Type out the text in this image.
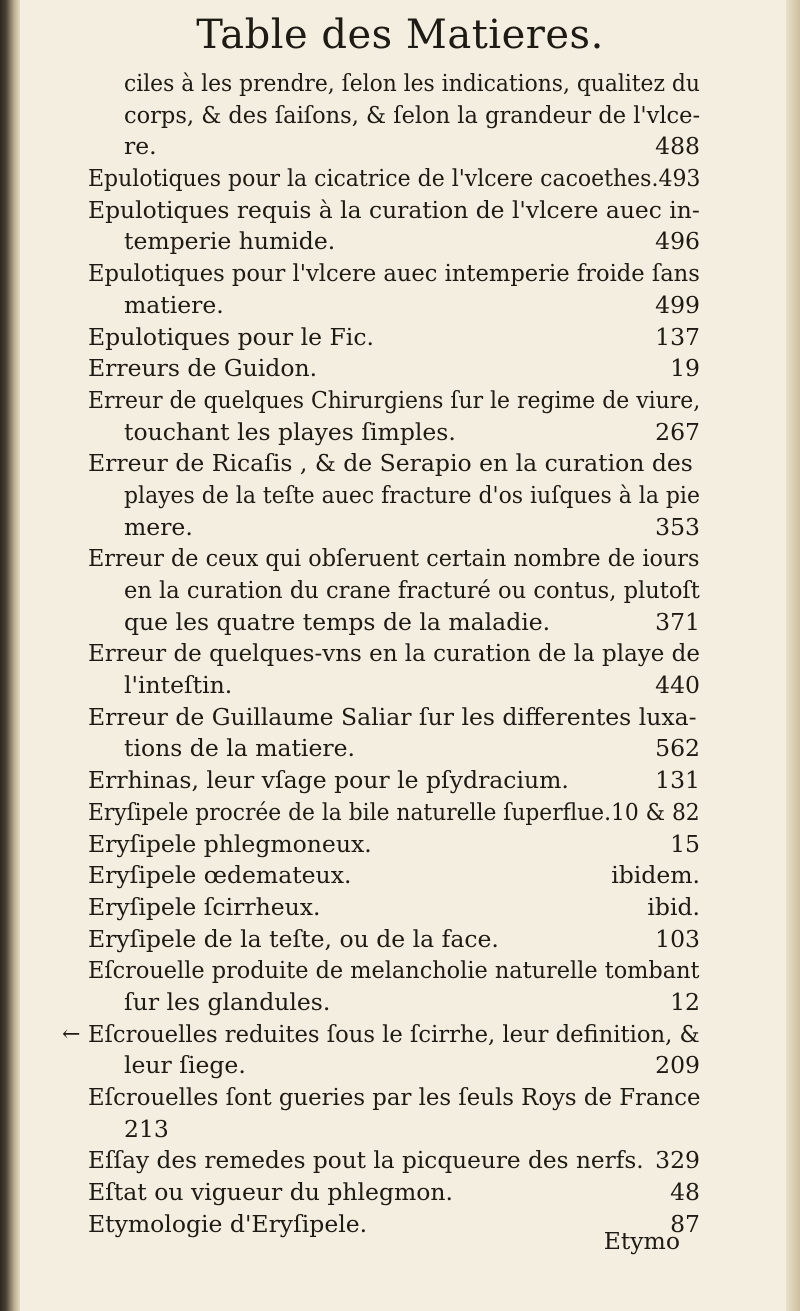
Table des Matieres.
ciles à les prendre, ſelon les indications, qualitez du
corps, & des ſaiſons, & ſelon la grandeur de l'vlce-
re.	488
Epulotiques pour la cicatrice de l'vlcere cacoethes.493
Epulotiques requis à la curation de l'vlcere auec in-
temperie humide.	496
Epulotiques pour l'vlcere auec intemperie froide ſans
matiere.	499
Epulotiques pour le Fic.	137
Erreurs de Guidon.	19
Erreur de quelques Chirurgiens ſur le regime de viure,
touchant les playes ſimples.	267
Erreur de Ricaſis , & de Serapio en la curation des
playes de la teſte auec fracture d'os iuſques à la pie
mere.	353
Erreur de ceux qui obſeruent certain nombre de iours
en la curation du crane fracturé ou contus, plutoſt
que les quatre temps de la maladie.	371
Erreur de quelques-vns en la curation de la playe de
l'inteſtin.	440
Erreur de Guillaume Saliar ſur les differentes luxa-
tions de la matiere.	562
Errhinas, leur vſage pour le pſydracium.	131
Eryſipele procrée de la bile naturelle ſuperflue.10 & 82
Eryſipele phlegmoneux.	15
Eryſipele œdemateux.	ibidem.
Eryſipele ſcirrheux.	ibid.
Eryſipele de la teſte, ou de la face.	103
Eſcrouelle produite de melancholie naturelle tombant
ſur les glandules.	12
← Eſcrouelles reduites ſous le ſcirrhe, leur definition, &
leur ſiege.	209
Eſcrouelles ſont gueries par les ſeuls Roys de France
213
Eſſay des remedes pout la picqueure des nerfs. 329
Eſtat ou vigueur du phlegmon.	48
Etymologie d'Eryſipele.	87
Etymo
